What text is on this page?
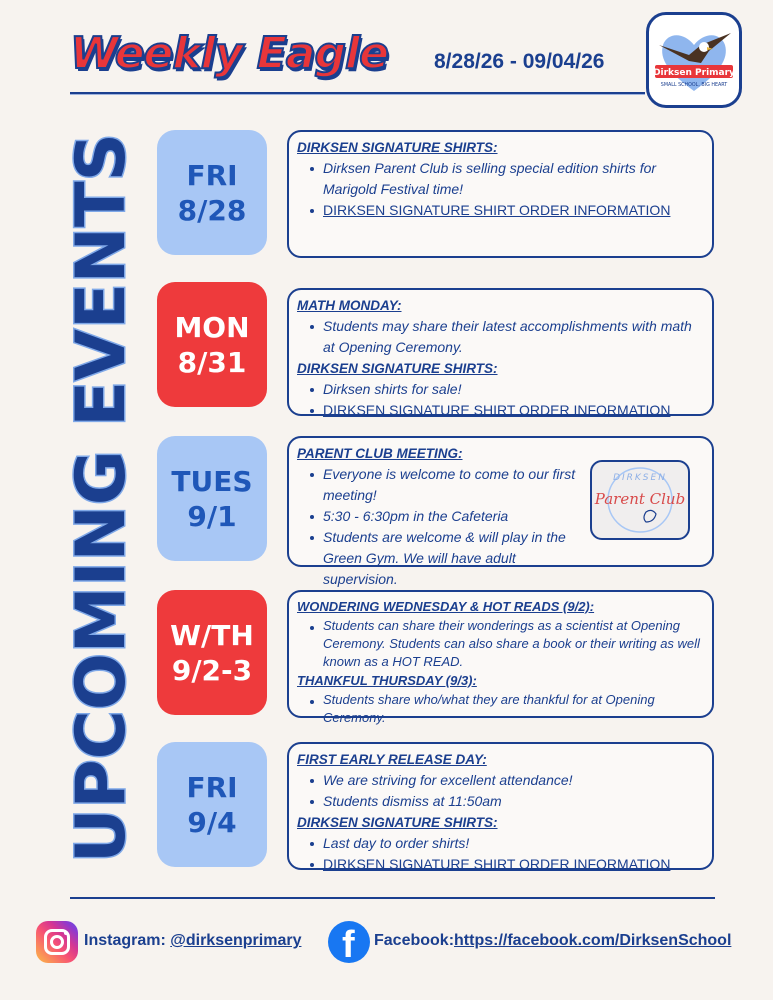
Weekly Eagle 8/28/26 - 09/04/26	Dirksen Primary
SMALL SCHOOL, BIG HEART
UPCOMING EVENTS FRI
8/28
DIRKSEN SIGNATURE SHIRTS:
Dirksen Parent Club is selling special edition shirts for Marigold Festival time!
DIRKSEN SIGNATURE SHIRT ORDER INFORMATION
MON
8/31
MATH MONDAY:
Students may share their latest accomplishments with math at Opening Ceremony.
DIRKSEN SIGNATURE SHIRTS:
Dirksen shirts for sale!
DIRKSEN SIGNATURE SHIRT ORDER INFORMATION
TUES
9/1
PARENT CLUB MEETING:
Everyone is welcome to come to our first meeting!
5:30 - 6:30pm in the Cafeteria
Students are welcome & will play in the Green Gym. We will have adult supervision.
DIRKSEN
Parent Club
W/TH
9/2-3
WONDERING WEDNESDAY & HOT READS (9/2):
Students can share their wonderings as a scientist at Opening Ceremony. Students can also share a book or their writing as well known as a HOT READ.
THANKFUL THURSDAY (9/3):
Students share who/what they are thankful for at Opening Ceremony.
FRI
9/4
FIRST EARLY RELEASE DAY:
We are striving for excellent attendance!
Students dismiss at 11:50am
DIRKSEN SIGNATURE SHIRTS:
Last day to order shirts!
DIRKSEN SIGNATURE SHIRT ORDER INFORMATION
Instagram: @dirksenprimary f Facebook:https://facebook.com/DirksenSchool
